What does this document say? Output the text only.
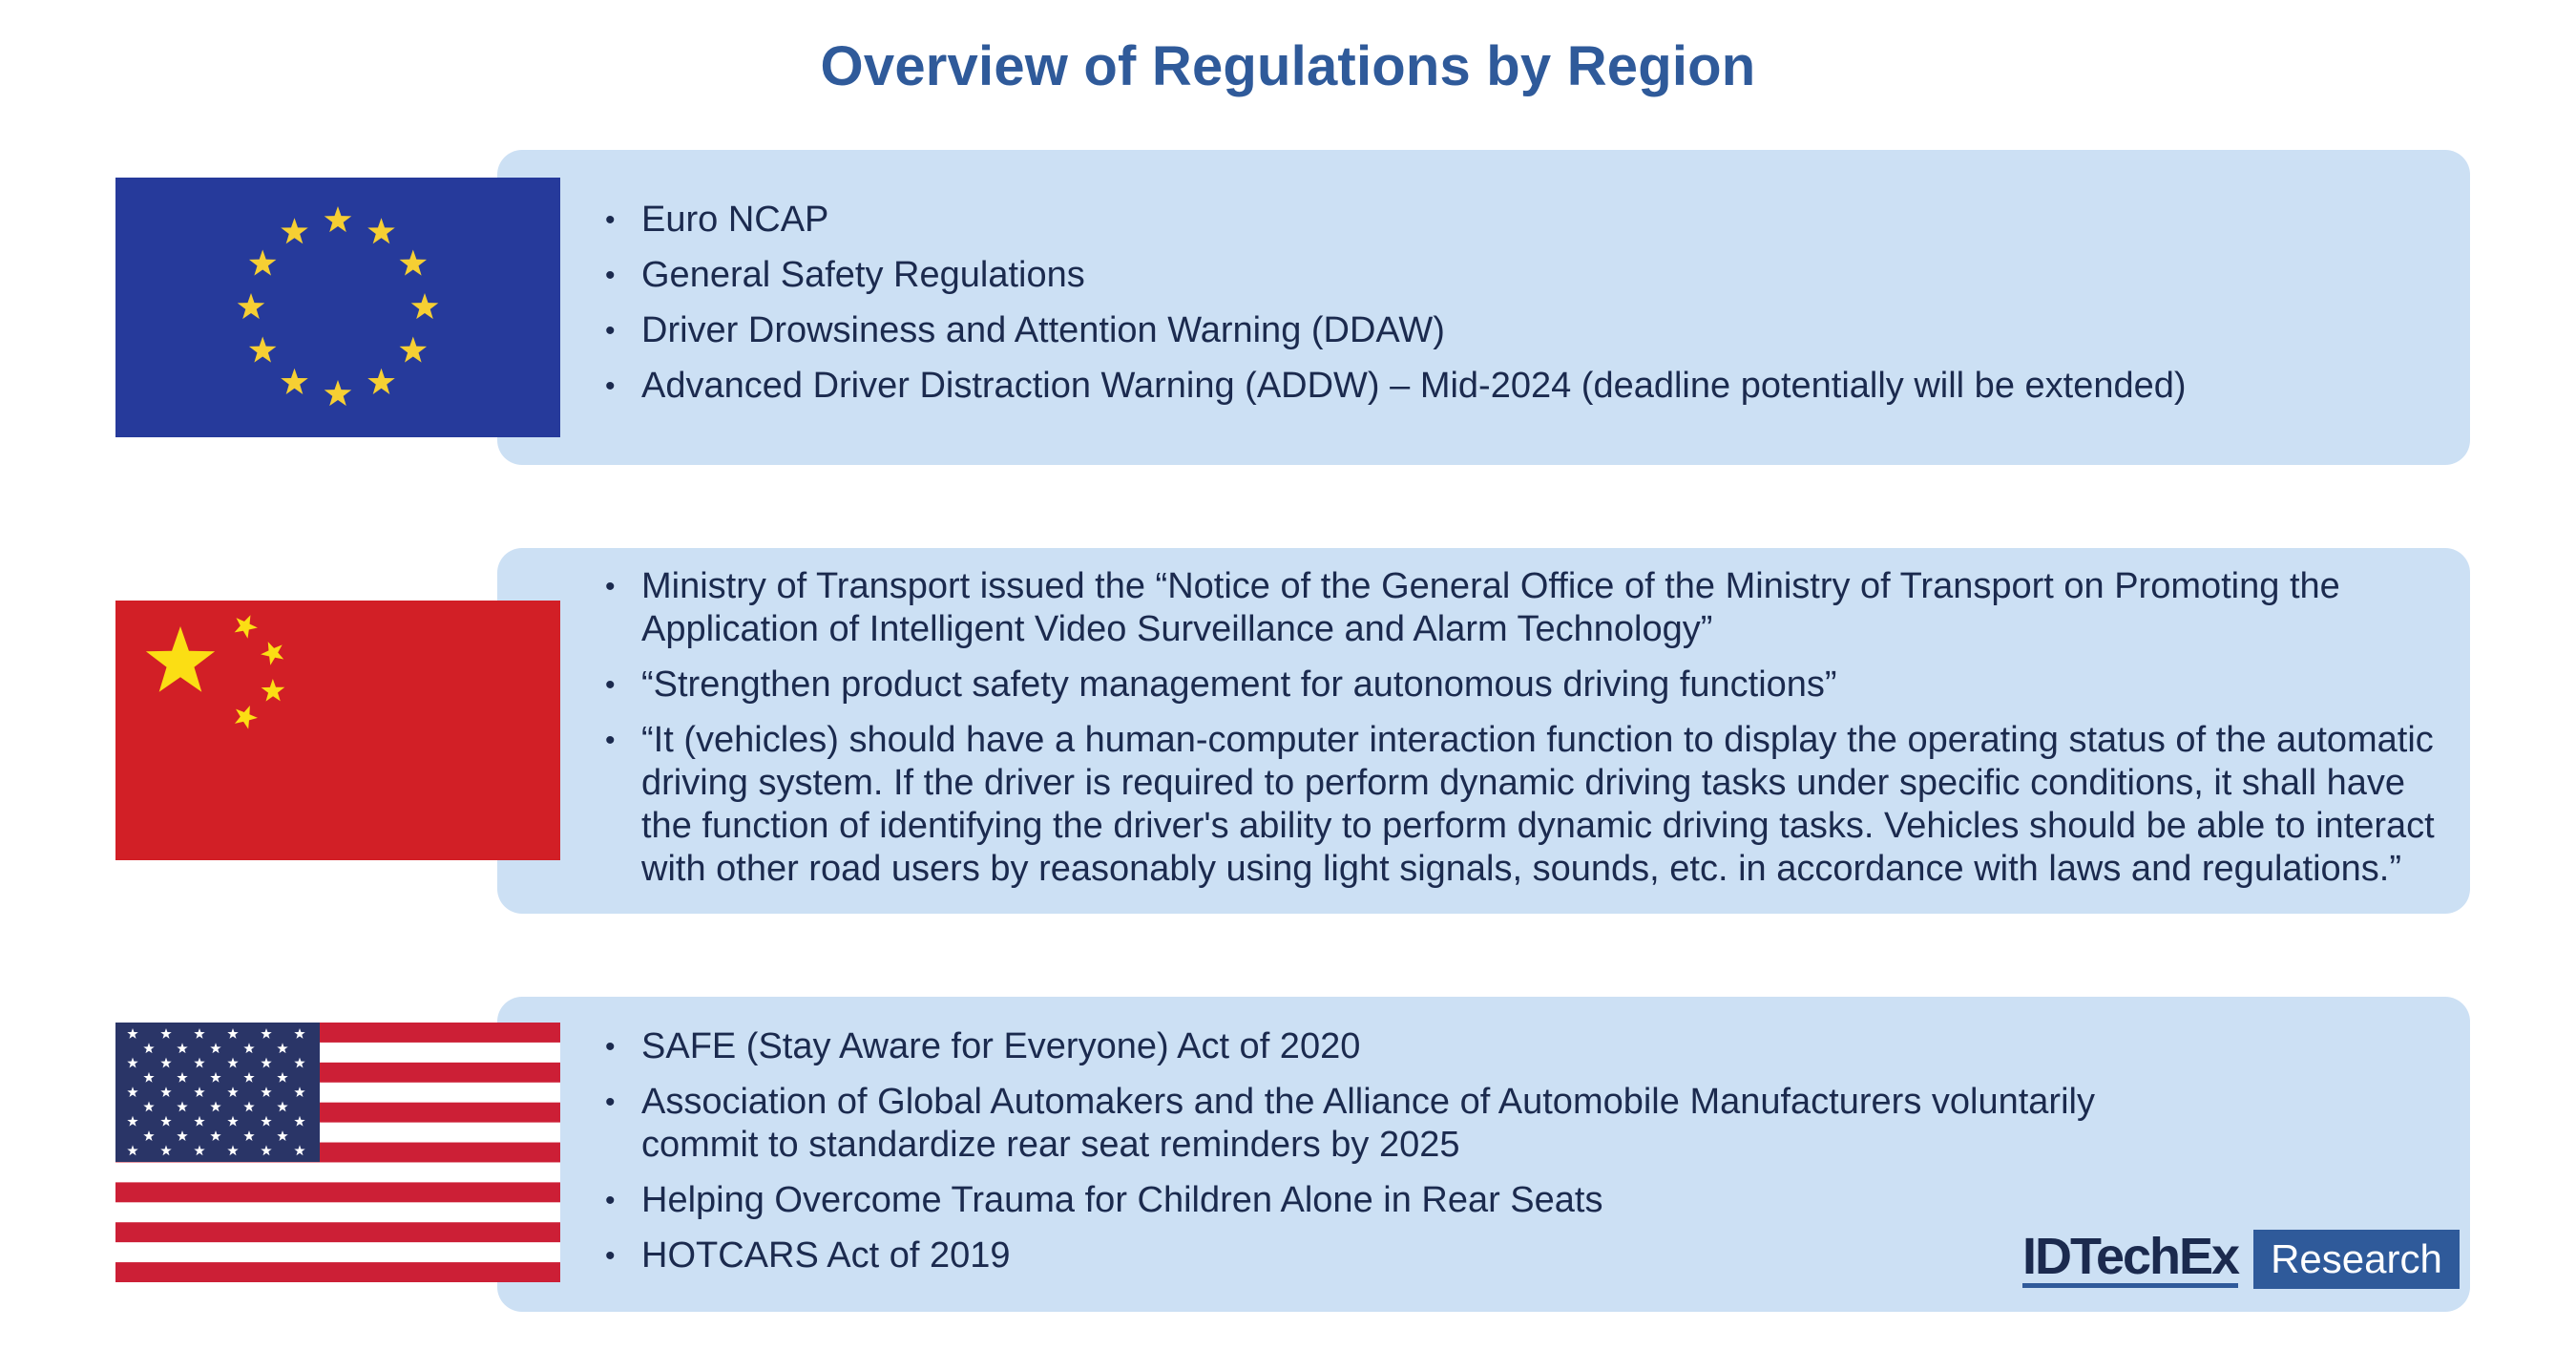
Overview of Regulations by Region
• Euro NCAP
• General Safety Regulations
• Driver Drowsiness and Attention Warning (DDAW)
• Advanced Driver Distraction Warning (ADDW) – Mid-2024 (deadline potentially will be extended)
• Ministry of Transport issued the “Notice of the General Office of the Ministry of Transport on Promoting the Application of Intelligent Video Surveillance and Alarm Technology”
• “Strengthen product safety management for autonomous driving functions”
• “It (vehicles) should have a human-computer interaction function to display the operating status of the automatic driving system. If the driver is required to perform dynamic driving tasks under specific conditions, it shall have the function of identifying the driver's ability to perform dynamic driving tasks. Vehicles should be able to interact with other road users by reasonably using light signals, sounds, etc. in accordance with laws and regulations.”
• SAFE (Stay Aware for Everyone) Act of 2020
• Association of Global Automakers and the Alliance of Automobile Manufacturers voluntarily commit to standardize rear seat reminders by 2025
• Helping Overcome Trauma for Children Alone in Rear Seats
• HOTCARS Act of 2019	IDTechEx Research
